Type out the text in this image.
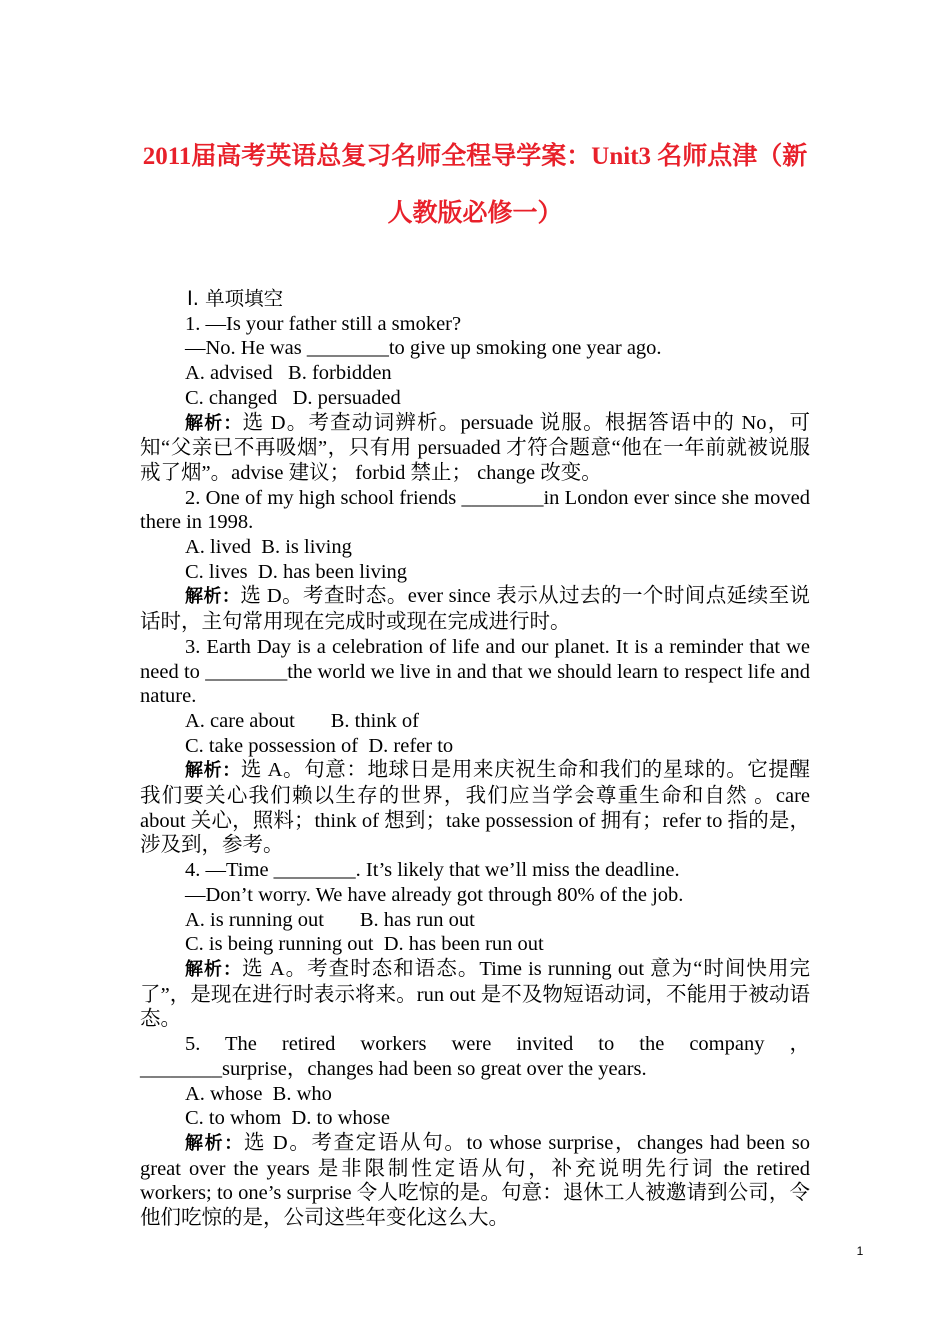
2011届高考英语总复习名师全程导学案：Unit3 名师点津（新
人教版必修一）
Ⅰ. 单项填空
1. —Is your father still a smoker?
—No. He was ________to give up smoking one year ago.
A. advised   B. forbidden
C. changed   D. persuaded
解析：选 D。考查动词辨析。persuade 说服。根据答语中的 No，可知“父亲已不再吸烟”，只有用 persuaded 才符合题意“他在一年前就被说服戒了烟”。advise 建议； forbid 禁止； change 改变。
2. One of my high school friends ________in London ever since she moved there in 1998.
A. lived  B. is living
C. lives  D. has been living
解析：选 D。考查时态。ever since 表示从过去的一个时间点延续至说话时，主句常用现在完成时或现在完成进行时。
3. Earth Day is a celebration of life and our planet. It is a reminder that we need to ________the world we live in and that we should learn to respect life and nature.
A. care about       B. think of
C. take possession of  D. refer to
解析：选 A。句意：地球日是用来庆祝生命和我们的星球的。它提醒我们要关心我们赖以生存的世界，我们应当学会尊重生命和自然 。care about 关心，照料；think of 想到；take possession of 拥有；refer to 指的是，涉及到，参考。
4. —Time ________. It’s likely that we’ll miss the deadline.
—Don’t worry. We have already got through 80% of the job.
A. is running out       B. has run out
C. is being running out  D. has been run out
解析：选 A。考查时态和语态。Time is running out 意为“时间快用完了”，是现在进行时表示将来。run out 是不及物短语动词，不能用于被动语态。
5. The retired workers were invited to the company ，
________surprise，changes had been so great over the years.
A. whose  B. who
C. to whom  D. to whose
解析：选 D。考查定语从句。to whose surprise，changes had been so great over the years 是非限制性定语从句，补充说明先行词 the retired workers; to one’s surprise 令人吃惊的是。句意：退休工人被邀请到公司，令他们吃惊的是，公司这些年变化这么大。
1
